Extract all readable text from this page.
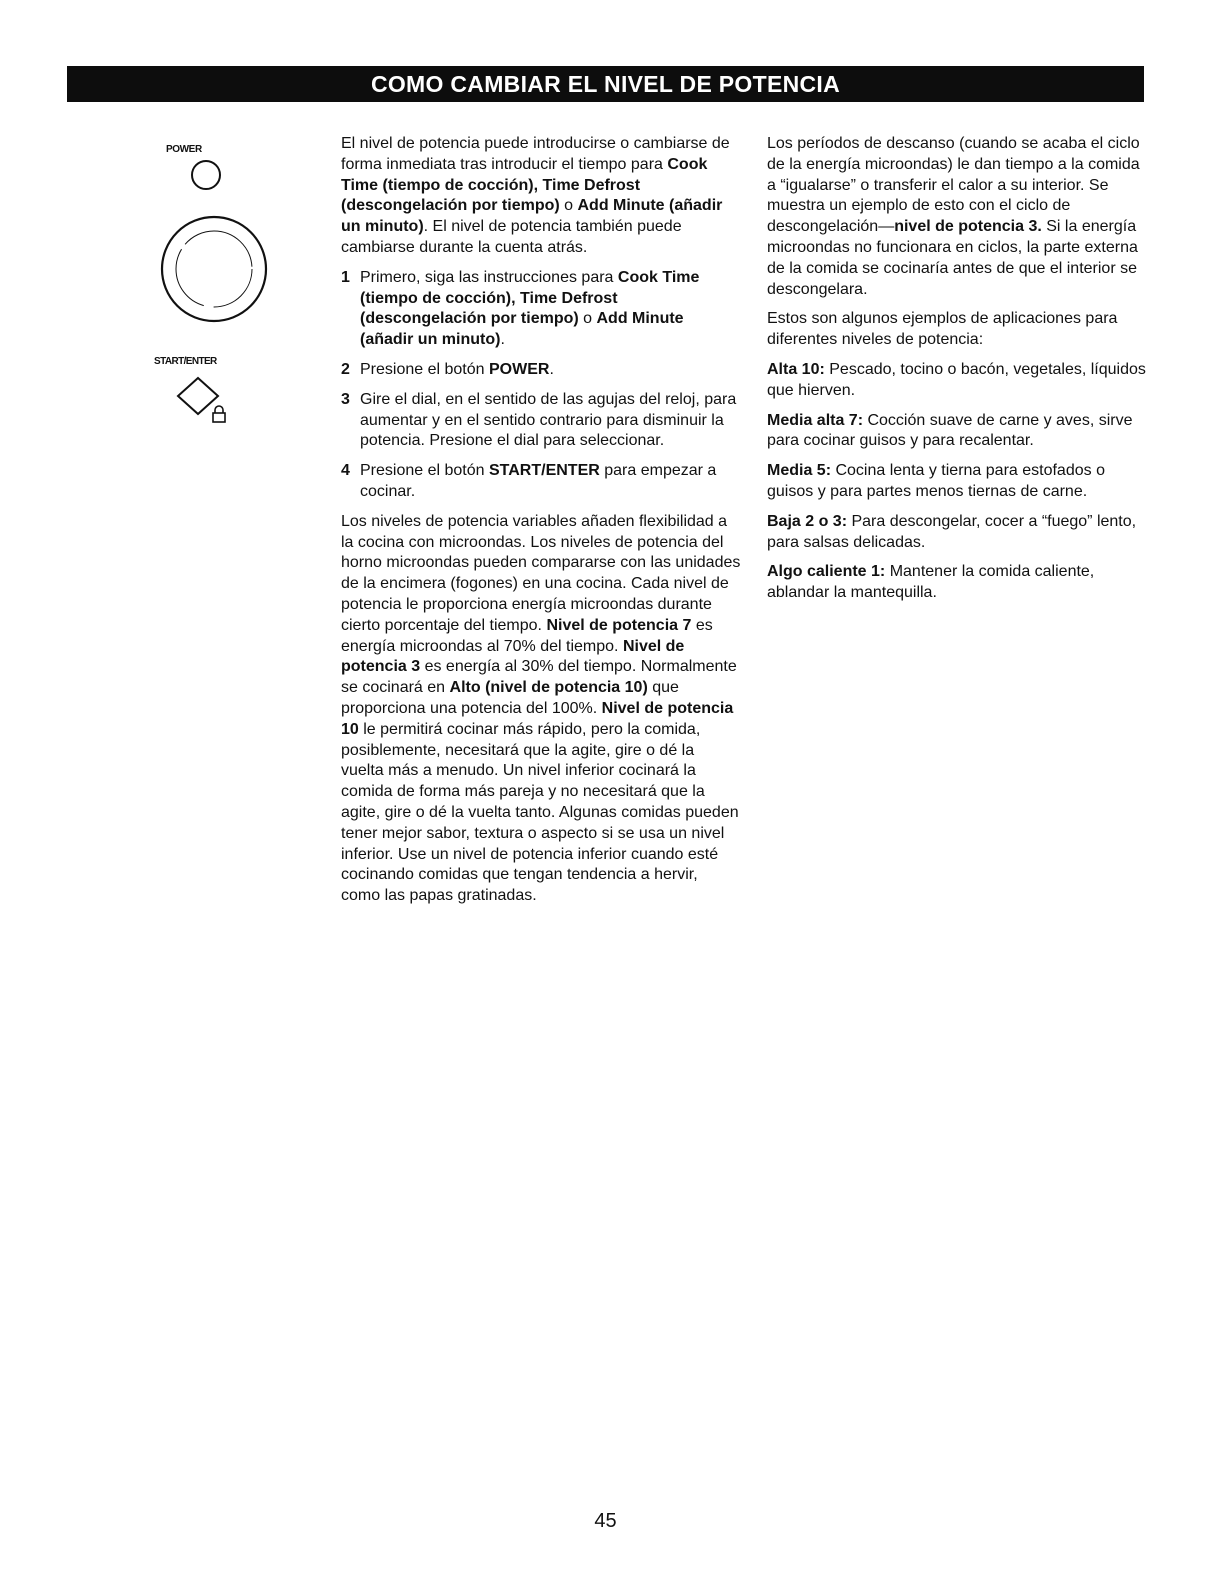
COMO CAMBIAR EL NIVEL DE POTENCIA
POWER
START/ENTER

El nivel de potencia puede introducirse o cambiarse de forma inmediata tras introducir el tiempo para Cook Time (tiempo de cocción), Time Defrost (descongelación por tiempo) o Add Minute (añadir un minuto). El nivel de potencia también puede cambiarse durante la cuenta atrás.

1 Primero, siga las instrucciones para Cook Time (tiempo de cocción), Time Defrost (descongelación por tiempo) o Add Minute (añadir un minuto).
2 Presione el botón POWER.
3 Gire el dial, en el sentido de las agujas del reloj, para aumentar y en el sentido contrario para disminuir la potencia. Presione el dial para seleccionar.
4 Presione el botón START/ENTER para empezar a cocinar.

Los niveles de potencia variables añaden flexibilidad a la cocina con microondas. Los niveles de potencia del horno microondas pueden compararse con las unidades de la encimera (fogones) en una cocina. Cada nivel de potencia le proporciona energía microondas durante cierto porcentaje del tiempo. Nivel de potencia 7 es energía microondas al 70% del tiempo. Nivel de potencia 3 es energía al 30% del tiempo. Normalmente se cocinará en Alto (nivel de potencia 10) que proporciona una potencia del 100%. Nivel de potencia 10 le permitirá cocinar más rápido, pero la comida, posiblemente, necesitará que la agite, gire o dé la vuelta más a menudo. Un nivel inferior cocinará la comida de forma más pareja y no necesitará que la agite, gire o dé la vuelta tanto. Algunas comidas pueden tener mejor sabor, textura o aspecto si se usa un nivel inferior. Use un nivel de potencia inferior cuando esté cocinando comidas que tengan tendencia a hervir, como las papas gratinadas.

Los períodos de descanso (cuando se acaba el ciclo de la energía microondas) le dan tiempo a la comida a “igualarse” o transferir el calor a su interior. Se muestra un ejemplo de esto con el ciclo de descongelación—nivel de potencia 3. Si la energía microondas no funcionara en ciclos, la parte externa de la comida se cocinaría antes de que el interior se descongelara.

Estos son algunos ejemplos de aplicaciones para diferentes niveles de potencia:

Alta 10: Pescado, tocino o bacón, vegetales, líquidos que hierven.

Media alta 7: Cocción suave de carne y aves, sirve para cocinar guisos y para recalentar.

Media 5: Cocina lenta y tierna para estofados o guisos y para partes menos tiernas de carne.

Baja 2 o 3: Para descongelar, cocer a “fuego” lento, para salsas delicadas.

Algo caliente 1: Mantener la comida caliente, ablandar la mantequilla.

45
